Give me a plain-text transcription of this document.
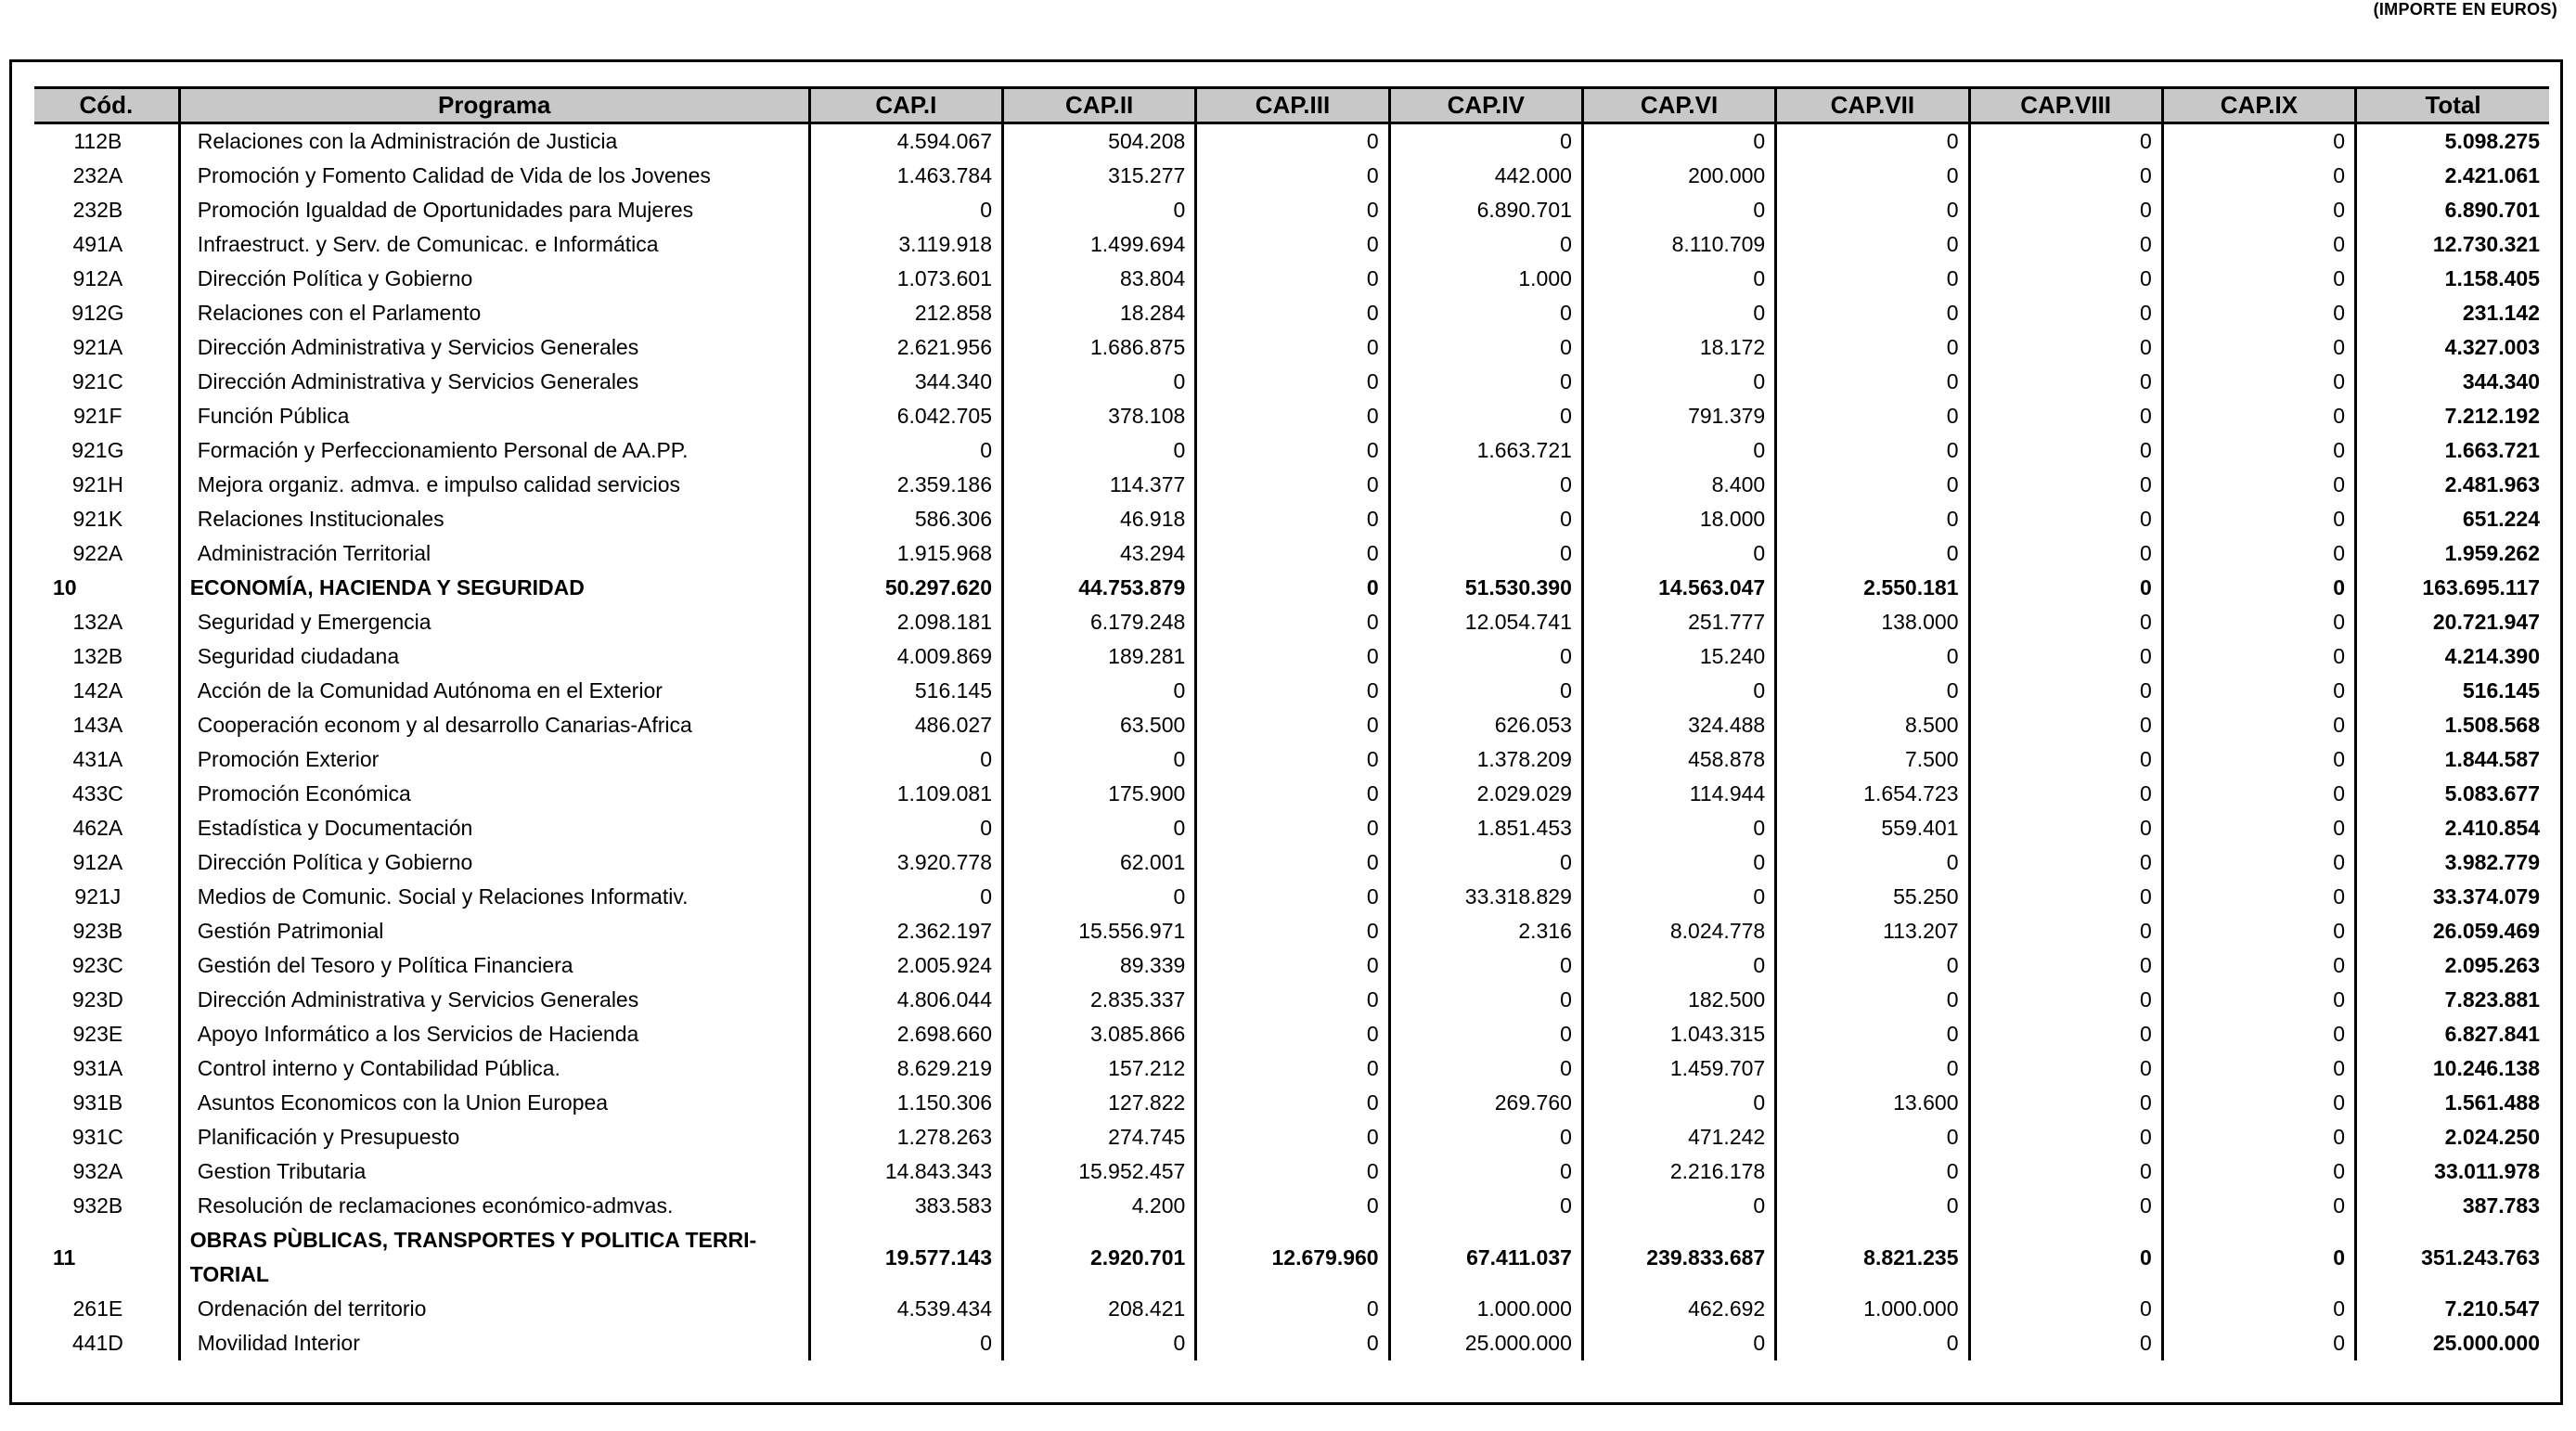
(IMPORTE EN EUROS)
Cód.	Programa	CAP.I	CAP.II	CAP.III	CAP.IV	CAP.VI	CAP.VII	CAP.VIII	CAP.IX	Total
112B	Relaciones con la Administración de Justicia	4.594.067	504.208	0	0	0	0	0	0	5.098.275
232A	Promoción y Fomento Calidad de Vida de los Jovenes	1.463.784	315.277	0	442.000	200.000	0	0	0	2.421.061
232B	Promoción Igualdad de Oportunidades para Mujeres	0	0	0	6.890.701	0	0	0	0	6.890.701
491A	Infraestruct. y Serv. de Comunicac. e Informática	3.119.918	1.499.694	0	0	8.110.709	0	0	0	12.730.321
912A	Dirección Política y Gobierno	1.073.601	83.804	0	1.000	0	0	0	0	1.158.405
912G	Relaciones con el Parlamento	212.858	18.284	0	0	0	0	0	0	231.142
921A	Dirección Administrativa y Servicios Generales	2.621.956	1.686.875	0	0	18.172	0	0	0	4.327.003
921C	Dirección Administrativa y Servicios Generales	344.340	0	0	0	0	0	0	0	344.340
921F	Función Pública	6.042.705	378.108	0	0	791.379	0	0	0	7.212.192
921G	Formación y Perfeccionamiento Personal de AA.PP.	0	0	0	1.663.721	0	0	0	0	1.663.721
921H	Mejora organiz. admva. e impulso calidad servicios	2.359.186	114.377	0	0	8.400	0	0	0	2.481.963
921K	Relaciones Institucionales	586.306	46.918	0	0	18.000	0	0	0	651.224
922A	Administración Territorial	1.915.968	43.294	0	0	0	0	0	0	1.959.262
10	ECONOMÍA, HACIENDA Y SEGURIDAD	50.297.620	44.753.879	0	51.530.390	14.563.047	2.550.181	0	0	163.695.117
132A	Seguridad y Emergencia	2.098.181	6.179.248	0	12.054.741	251.777	138.000	0	0	20.721.947
132B	Seguridad ciudadana	4.009.869	189.281	0	0	15.240	0	0	0	4.214.390
142A	Acción de la Comunidad Autónoma en el Exterior	516.145	0	0	0	0	0	0	0	516.145
143A	Cooperación econom y al desarrollo Canarias-Africa	486.027	63.500	0	626.053	324.488	8.500	0	0	1.508.568
431A	Promoción Exterior	0	0	0	1.378.209	458.878	7.500	0	0	1.844.587
433C	Promoción Económica	1.109.081	175.900	0	2.029.029	114.944	1.654.723	0	0	5.083.677
462A	Estadística y Documentación	0	0	0	1.851.453	0	559.401	0	0	2.410.854
912A	Dirección Política y Gobierno	3.920.778	62.001	0	0	0	0	0	0	3.982.779
921J	Medios de Comunic. Social y Relaciones Informativ.	0	0	0	33.318.829	0	55.250	0	0	33.374.079
923B	Gestión Patrimonial	2.362.197	15.556.971	0	2.316	8.024.778	113.207	0	0	26.059.469
923C	Gestión del Tesoro y Política Financiera	2.005.924	89.339	0	0	0	0	0	0	2.095.263
923D	Dirección Administrativa y Servicios Generales	4.806.044	2.835.337	0	0	182.500	0	0	0	7.823.881
923E	Apoyo Informático a los Servicios de Hacienda	2.698.660	3.085.866	0	0	1.043.315	0	0	0	6.827.841
931A	Control interno y Contabilidad Pública.	8.629.219	157.212	0	0	1.459.707	0	0	0	10.246.138
931B	Asuntos Economicos con la Union Europea	1.150.306	127.822	0	269.760	0	13.600	0	0	1.561.488
931C	Planificación y Presupuesto	1.278.263	274.745	0	0	471.242	0	0	0	2.024.250
932A	Gestion Tributaria	14.843.343	15.952.457	0	0	2.216.178	0	0	0	33.011.978
932B	Resolución de reclamaciones económico-admvas.	383.583	4.200	0	0	0	0	0	0	387.783
11	OBRAS PÙBLICAS, TRANSPORTES Y POLITICA TERRI-TORIAL	19.577.143	2.920.701	12.679.960	67.411.037	239.833.687	8.821.235	0	0	351.243.763
261E	Ordenación del territorio	4.539.434	208.421	0	1.000.000	462.692	1.000.000	0	0	7.210.547
441D	Movilidad Interior	0	0	0	25.000.000	0	0	0	0	25.000.000
